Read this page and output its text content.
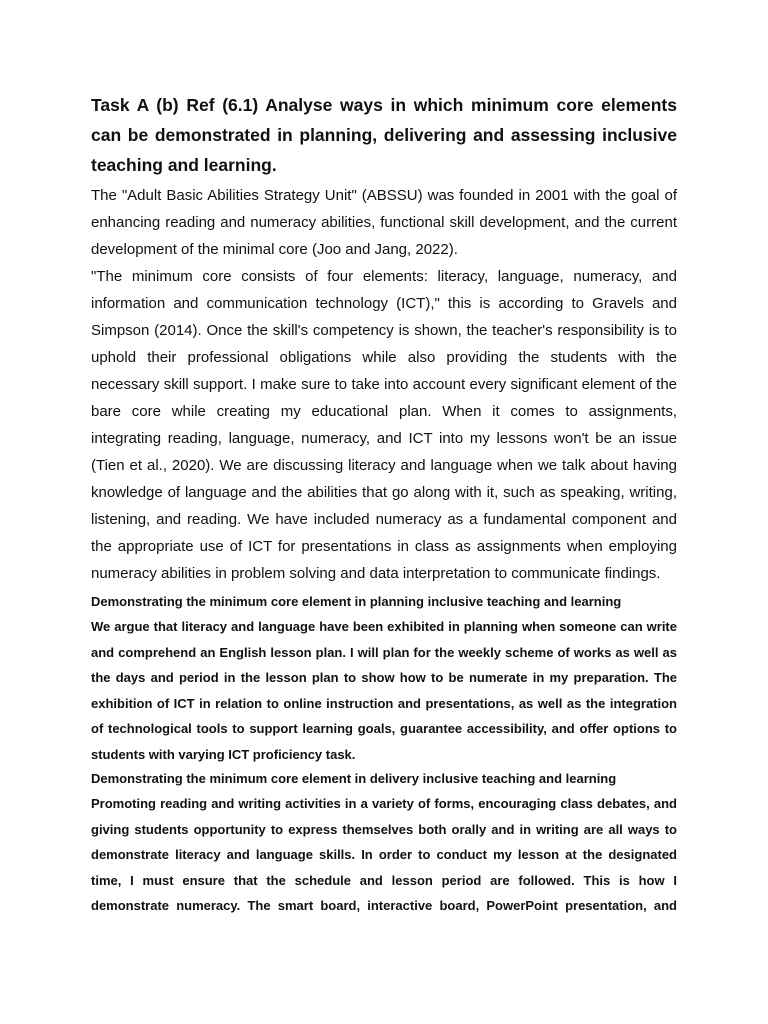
Task A (b) Ref (6.1) Analyse ways in which minimum core elements can be demonstrated in planning, delivering and assessing inclusive teaching and learning.

The "Adult Basic Abilities Strategy Unit" (ABSSU) was founded in 2001 with the goal of enhancing reading and numeracy abilities, functional skill development, and the current development of the minimal core (Joo and Jang, 2022).

"The minimum core consists of four elements: literacy, language, numeracy, and information and communication technology (ICT)," this is according to Gravels and Simpson (2014). Once the skill's competency is shown, the teacher's responsibility is to uphold their professional obligations while also providing the students with the necessary skill support. I make sure to take into account every significant element of the bare core while creating my educational plan. When it comes to assignments, integrating reading, language, numeracy, and ICT into my lessons won't be an issue (Tien et al., 2020). We are discussing literacy and language when we talk about having knowledge of language and the abilities that go along with it, such as speaking, writing, listening, and reading. We have included numeracy as a fundamental component and the appropriate use of ICT for presentations in class as assignments when employing numeracy abilities in problem solving and data interpretation to communicate findings.

Demonstrating the minimum core element in planning inclusive teaching and learning

We argue that literacy and language have been exhibited in planning when someone can write and comprehend an English lesson plan. I will plan for the weekly scheme of works as well as the days and period in the lesson plan to show how to be numerate in my preparation. The exhibition of ICT in relation to online instruction and presentations, as well as the integration of technological tools to support learning goals, guarantee accessibility, and offer options to students with varying ICT proficiency task.

Demonstrating the minimum core element in delivery inclusive teaching and learning

Promoting reading and writing activities in a variety of forms, encouraging class debates, and giving students opportunity to express themselves both orally and in writing are all ways to demonstrate literacy and language skills. In order to conduct my lesson at the designated time, I must ensure that the schedule and lesson period are followed. This is how I demonstrate numeracy. The smart board, interactive board, PowerPoint presentation, and
